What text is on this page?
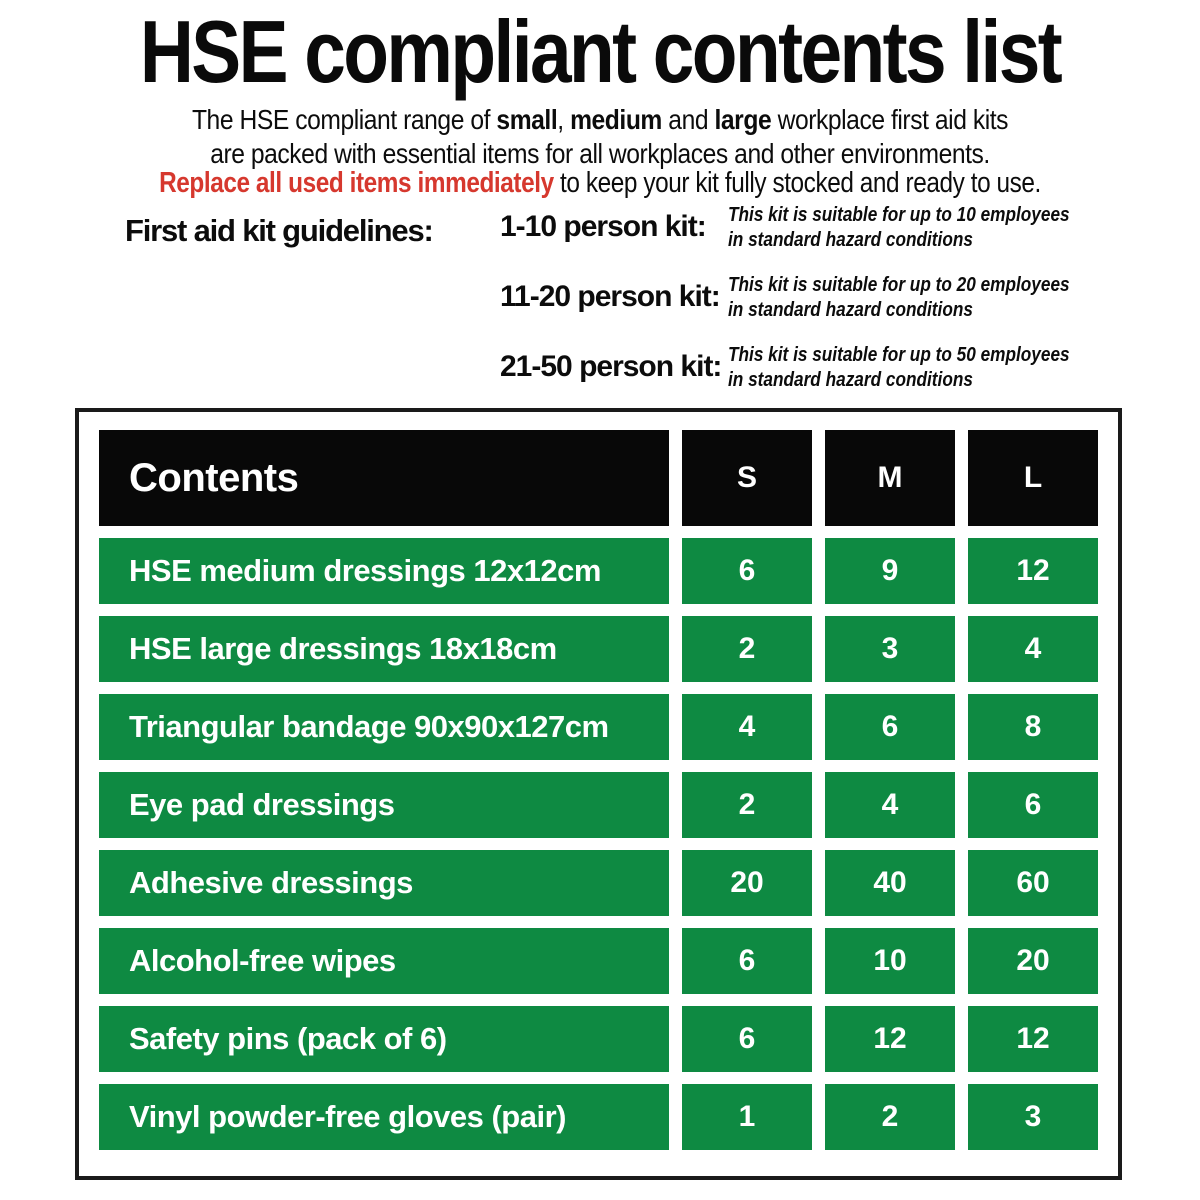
HSE compliant contents list
The HSE compliant range of small, medium and large workplace first aid kits
are packed with essential items for all workplaces and other environments.
Replace all used items immediately to keep your kit fully stocked and ready to use.
First aid kit guidelines: 1-10 person kit:	This kit is suitable for up to 10 employees
in standard hazard conditions
11-20 person kit: This kit is suitable for up to 20 employees
in standard hazard conditions
21-50 person kit: This kit is suitable for up to 50 employees
in standard hazard conditions
Contents	S	M	L
HSE medium dressings 12x12cm	6	9	12
HSE large dressings 18x18cm	2	3	4
Triangular bandage 90x90x127cm	4	6	8
Eye pad dressings	2	4	6
Adhesive dressings	20	40	60
Alcohol-free wipes	6	10	20
Safety pins (pack of 6)	6	12	12
Vinyl powder-free gloves (pair)	1	2	3
